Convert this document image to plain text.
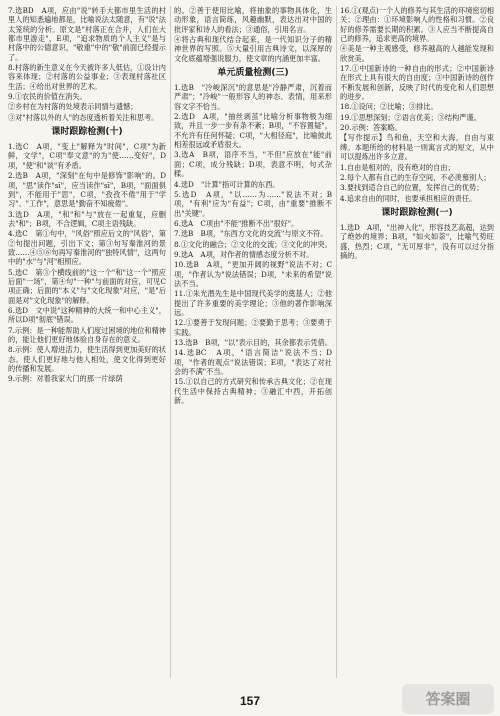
7.选BD　A项，应由"说"转手大都市里生活的村里人的知悉遍地都是，比喻说法太随意，有"说"法太笼统的分析。原文是"村落正在合并，人们在大都市里游走"，E项，"追求物质的个人主义"是与村落中的公德意识，"敬重"中的"敬"前面已经提示了。
8.村落的新生意义在今天被许多人低估，①设计内容来体现；②村落的公益事业；③表现村落社区生活；④给出对世界的艺术。
9.①农民的价值在消失。
②乡村在为村落的处境表示同情与遗憾；
③对"村落以外的人"的态度透析着关注和思考。
课时跟踪检测(十)
1.选C　A项，"变上"解释为"时间"，C项"为新鲜，文学"，C项"奉文意"的为"使……变好"，D项，"使"和"谈"有矛盾。
2.选B　A项，"深刻"在句中是修饰"影响"的。D项，"思"读作"sī"，应当读作"sī"，B项，"面面俱到"，不能用于"思"，C项，"孜孜不倦"用于"学习"、"工作"，意思是"勤奋不知疲倦"。
3.选D　A项，"和"和"与"放在一起重复，应删去"和"；B项，不合逻辑，C项主语残缺。
4.选C　第①句中，"风俗"照应后文的"风俗"，第②句提出问题，引出下文；第③句写秦淮河的景致……④⑤⑥句再写秦淮河的"独特风情"，这两句中的"水"与"河"相照应。
5.选C　第③个横线前的"这一个"和"这一个"照应后面"一场"，第④句"一种"与前面的对应，可见C项正确；后面的"本义"与"文化现象"对应，"是"后面是对"文化现象"的解释。
6.选D　文中说"这种精神的大统一和中心主义"，所以D项"彻底"错误。
7.示例：是一种能帮助人们度过困境的地位和精神的，能让他们更好地体验自身存在的意义。
8.示例：使人增进活力，使生活得到更加美好的状态。使人们更好地与他人相处，使文化得到更好的传播和发展。
9.示例：对着我家大门的那一片绿荫
的。②善于使用比喻，将抽象的事物具体化，生动形象，语言简练，风趣幽默，表达出对中国的批评家和诗人的看法；③通俗，引用名言。
④将古典和现代结合起来，是一代知识分子的精神世界的写照。⑤大量引用古典诗文，以深厚的文化底蕴增强说服力，使文章的内涵更加丰富。
单元质量检测(三)
1.选B　"冷峻深沉"的意思是"冷静严肃，沉着而严肃"；"冷峻"一般形容人的神态、表情，用来形容文字不恰当。
2.选D　A项，"抽丝剥茧"比喻分析事物极为细致，并且一步一步有条不紊；B项，"不容置疑"，不允许有任何怀疑；C项，"大相径庭"，比喻彼此相差很远或矛盾很大。
3.选A　B项，语序不当，"不但"应放在"能"前面；C项，成分残缺；D项，表意不明，句式杂糅。
4.选D　"计算"指可计算的东西。
5.选D　A项，"以……为……"说法不对；B项，"有利"应为"有益"；C项，由"重要"推断不出"关键"。
6.选A　C项由"不能"推断不出"很好"。
7.选B　B项，"东西方文化的交流"与原文不符。
8.①文化的融合；②文化的交流；③文化的冲突。
9.选A　A项，对作者的情感态度分析不对。
10.选B　A项，"更加开阔的视野"说法不对；C项，"作者认为"说法错误；D项，"未来的希望"说法不当。
11.①朱光潜先生是中国现代美学的奠基人；②他提出了许多重要的美学理论；③他的著作影响深远。
12.①要善于发现问题；②要勤于思考；③要勇于实践。
13.选B　B项，"以"表示目的，其余都表示凭借。
14.选BC　A项，"语言简洁"说法不当；D项，"作者的观点"说法错误；E项，"表达了对社会的不满"不当。
15.①以自己的方式研究和传承古典文化；②在现代生活中保持古典精神；③融汇中西，开拓创新。
16.①(观点)一个人的修养与其生活的环境密切相关；②理由：①环境影响人的性格和习惯。②良好的修养需要长期的积累。③人应当不断提高自己的修养，追求更高的境界。
④美是一种主观感受，修养越高的人越能发现和欣赏美。
17.①中国新诗的一种自由的形式；②中国新诗在形式上具有很大的自由度；③中国新诗的创作不断发展和创新，反映了时代的变化和人们思想的进步。
18.①设问；②比喻；③排比。
19.①思想深刻；②语言优美；③结构严谨。
20.示例：答案略。
【写作提示】鸟和鱼，天空和大海，自由与束缚。本题所给的材料是一则寓言式的短文，从中可以提炼出许多立意。
1.自由是相对的，没有绝对的自由；
2.每个人都有自己的生存空间，不必羡慕别人；
3.要找到适合自己的位置，发挥自己的优势；
4.追求自由的同时，也要承担相应的责任。
课时跟踪检测(一)
1.选D　A项，"出神入化"，形容技艺高超，达到了绝妙的境界；B项，"如火如荼"，比喻气势旺盛，热烈；C项，"无可厚非"，没有可以过分指摘的。
157	答案圈
